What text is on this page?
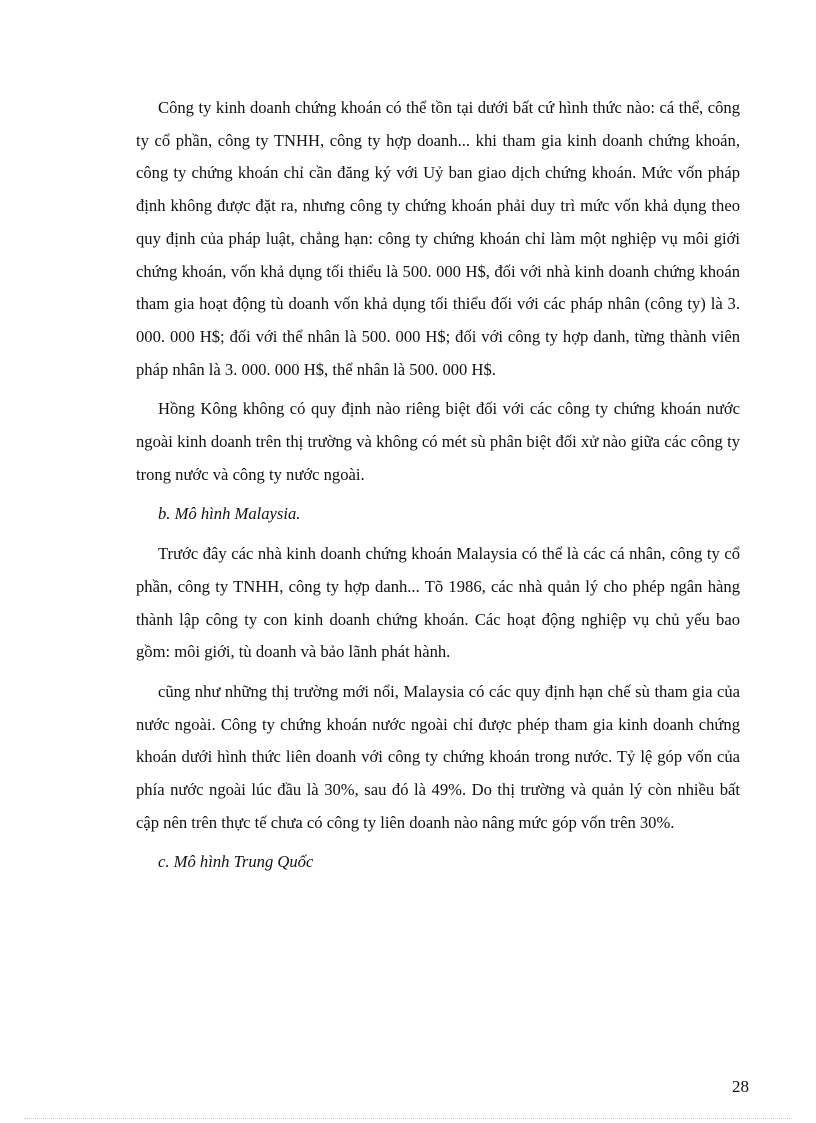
Công ty kinh doanh chứng khoán có thể tồn tại dưới bất cứ hình thức nào: cá thể, công ty cổ phần, công ty TNHH, công ty hợp doanh... khi tham gia kinh doanh chứng khoán, công ty chứng khoán chỉ cần đăng ký với Uỷ ban giao dịch chứng khoán. Mức vốn pháp định không được đặt ra, nhưng công ty chứng khoán phải duy trì mức vốn khả dụng theo quy định của pháp luật, chẳng hạn: công ty chứng khoán chỉ làm một nghiệp vụ môi giới chứng khoán, vốn khả dụng tối thiểu là 500. 000 H$, đối với nhà kinh doanh chứng khoán tham gia hoạt động tù doanh vốn khả dụng tối thiểu đối với các pháp nhân (công ty) là 3. 000. 000 H$; đối với thể nhân là 500. 000 H$; đối với công ty hợp danh, từng thành viên pháp nhân là 3. 000. 000 H$, thể nhân là 500. 000 H$.

Hồng Kông không có quy định nào riêng biệt đối với các công ty chứng khoán nước ngoài kinh doanh trên thị trường và không có mét sù phân biệt đối xử nào giữa các công ty trong nước và công ty nước ngoài.

b. Mô hình Malaysia.

Trước đây các nhà kinh doanh chứng khoán Malaysia có thể là các cá nhân, công ty cổ phần, công ty TNHH, công ty hợp danh... Tõ 1986, các nhà quản lý cho phép ngân hàng thành lập công ty con kinh doanh chứng khoán. Các hoạt động nghiệp vụ chủ yếu bao gồm: môi giới, tù doanh và bảo lãnh phát hành.

cũng như những thị trường mới nổi, Malaysia có các quy định hạn chế sù tham gia của nước ngoài. Công ty chứng khoán nước ngoài chỉ được phép tham gia kinh doanh chứng khoán dưới hình thức liên doanh với công ty chứng khoán trong nước. Tỷ lệ góp vốn của phía nước ngoài lúc đầu là 30%, sau đó là 49%. Do thị trường và quản lý còn nhiều bất cập nên trên thực tế chưa có công ty liên doanh nào nâng mức góp vốn trên 30%.

c. Mô hình Trung Quốc

28
